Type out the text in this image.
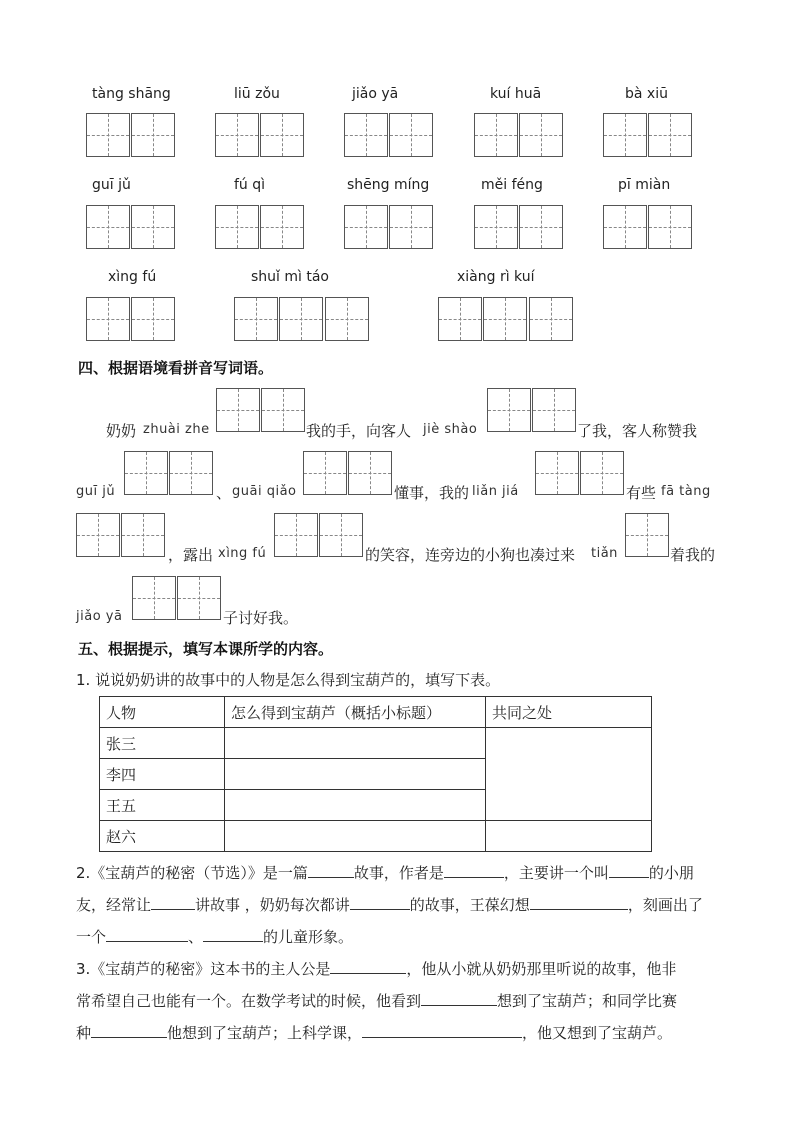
tàng shāng	liū zǒu	jiǎo yā	kuí huā	bà xiū
guī jǔ	fú qì	shēng míng	měi féng	pī miàn
xìng fú	shuǐ mì táo	xiàng rì kuí
四、根据语境看拼音写词语。
奶奶 zhuài zhe	我的手，向客人 jiè shào	了我，客人称赞我
guī jǔ	、 guāi qiǎo	懂事，我的 liǎn jiá	有些 fā tàng
，露出 xìng fú	的笑容，连旁边的小狗也凑过来 tiǎn	着我的
jiǎo yā	子讨好我。
五、根据提示，填写本课所学的内容。
1. 说说奶奶讲的故事中的人物是怎么得到宝葫芦的，填写下表。
人物	怎么得到宝葫芦（概括小标题）	共同之处
张三		
李四		
王五		
赵六		
2.《宝葫芦的秘密（节选）》是一篇	故事，作者是	，主要讲一个叫	的小朋
友，经常让	讲故事 ，奶奶每次都讲	的故事，王葆幻想	，刻画出了
一个	、	的儿童形象。
3.《宝葫芦的秘密》这本书的主人公是	，他从小就从奶奶那里听说的故事，他非
常希望自己也能有一个。在数学考试的时候，他看到	想到了宝葫芦；和同学比赛
种	他想到了宝葫芦；上科学课，	，他又想到了宝葫芦。
